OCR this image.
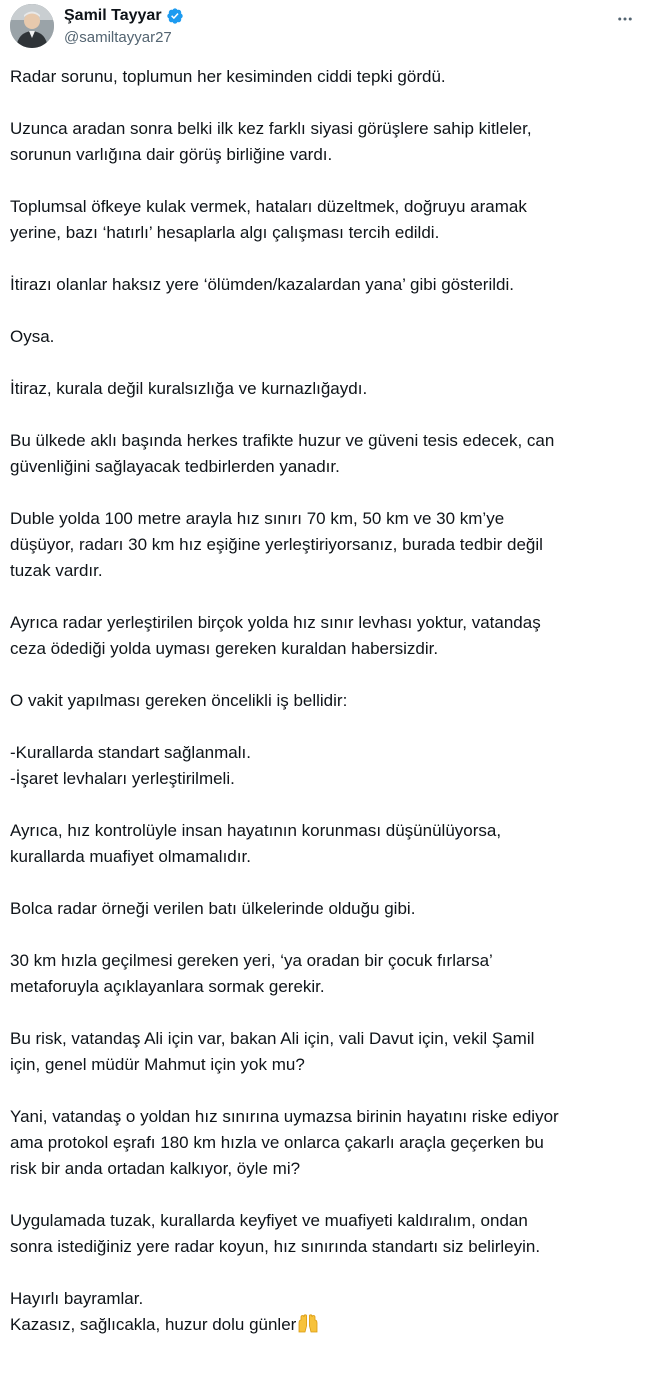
Şamil Tayyar
@samiltayyar27

Radar sorunu, toplumun her kesiminden ciddi tepki gördü.

Uzunca aradan sonra belki ilk kez farklı siyasi görüşlere sahip kitleler,
sorunun varlığına dair görüş birliğine vardı.

Toplumsal öfkeye kulak vermek, hataları düzeltmek, doğruyu aramak
yerine, bazı ‘hatırlı’ hesaplarla algı çalışması tercih edildi.

İtirazı olanlar haksız yere ‘ölümden/kazalardan yana’ gibi gösterildi.

Oysa.

İtiraz, kurala değil kuralsızlığa ve kurnazlığaydı.

Bu ülkede aklı başında herkes trafikte huzur ve güveni tesis edecek, can
güvenliğini sağlayacak tedbirlerden yanadır.

Duble yolda 100 metre arayla hız sınırı 70 km, 50 km ve 30 km’ye
düşüyor, radarı 30 km hız eşiğine yerleştiriyorsanız, burada tedbir değil
tuzak vardır.

Ayrıca radar yerleştirilen birçok yolda hız sınır levhası yoktur, vatandaş
ceza ödediği yolda uyması gereken kuraldan habersizdir.

O vakit yapılması gereken öncelikli iş bellidir:

-Kurallarda standart sağlanmalı.
-İşaret levhaları yerleştirilmeli.

Ayrıca, hız kontrolüyle insan hayatının korunması düşünülüyorsa,
kurallarda muafiyet olmamalıdır.

Bolca radar örneği verilen batı ülkelerinde olduğu gibi.

30 km hızla geçilmesi gereken yeri, ‘ya oradan bir çocuk fırlarsa’
metaforuyla açıklayanlara sormak gerekir.

Bu risk, vatandaş Ali için var, bakan Ali için, vali Davut için, vekil Şamil
için, genel müdür Mahmut için yok mu?

Yani, vatandaş o yoldan hız sınırına uymazsa birinin hayatını riske ediyor
ama protokol eşrafı 180 km hızla ve onlarca çakarlı araçla geçerken bu
risk bir anda ortadan kalkıyor, öyle mi?

Uygulamada tuzak, kurallarda keyfiyet ve muafiyeti kaldıralım, ondan
sonra istediğiniz yere radar koyun, hız sınırında standartı siz belirleyin.

Hayırlı bayramlar.
Kazasız, sağlıcakla, huzur dolu günler
